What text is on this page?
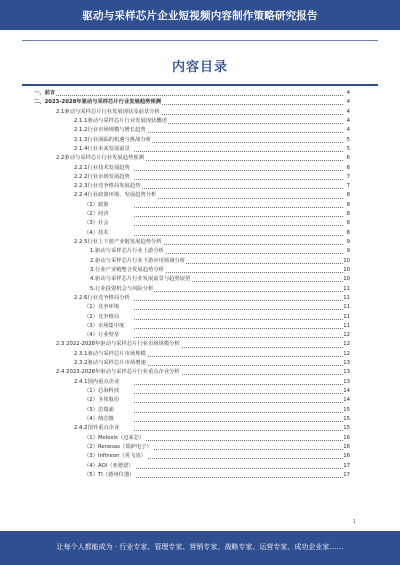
驱动与采样芯片企业短视频内容制作策略研究报告
内容目录
一、前言	4
二、2023-2028年驱动与采样芯片行业发展趋势预测	4
2.1驱动与采样芯片行业发展现状及前景分析	4
2.1.1驱动与采样芯片行业发展现状概述	4
2.1.2行业市场规模与增长趋势	4
2.1.3行业面临的机遇与挑战分析	5
2.1.4行业未来发展前景	5
2.2驱动与采样芯片行业发展趋势预测	6
2.2.1行业技术发展趋势	6
2.2.2行业市场发展趋势	7
2.2.3行业竞争格局发展趋势	7
2.2.4行业政策环境、发展趋势分析	8
（1）政策	8
（2）经济	8
（3）社会	8
（4）技术	8
2.2.5行业上下游产业链发展趋势分析	9
1.驱动与采样芯片行业上游分析	9
2.驱动与采样芯片行业下游应用领域分析	10
3.行业产业链整合发展趋势分析	10
4.驱动与采样芯片行业发展前景与趋势展望	10
5.行业投资机会与风险分析	11
2.2.6行业竞争格局分析	11
（1）竞争环境	11
（2）竞争格局	11
（3）市场集中度	11
（4）行业壁垒	12
2.3 2022-2028年驱动与采样芯片行业市场规模分析	12
2.3.1驱动与采样芯片市场规模	12
2.3.2驱动与采样芯片市场增速	13
2.4 2023-2028年驱动与采样芯片行业重点企业分析	13
2.4.1国内重点企业	13
（1）芯海科技	14
（2）圣邦股份	14
（3）思瑞浦	15
（4）纳芯微	15
2.4.2国外重点企业	15
（1）Melexis（迈来芯）	16
（2）Renesas（瑞萨电子）	16
（3）Infineon（英飞凌）	16
（4）ADI（亚德诺）	17
（5）TI（德州仪器）	17
1
让每个人都能成为 · 行业专家、管理专家、营销专家、战略专家、运营专家、成功企业家……
